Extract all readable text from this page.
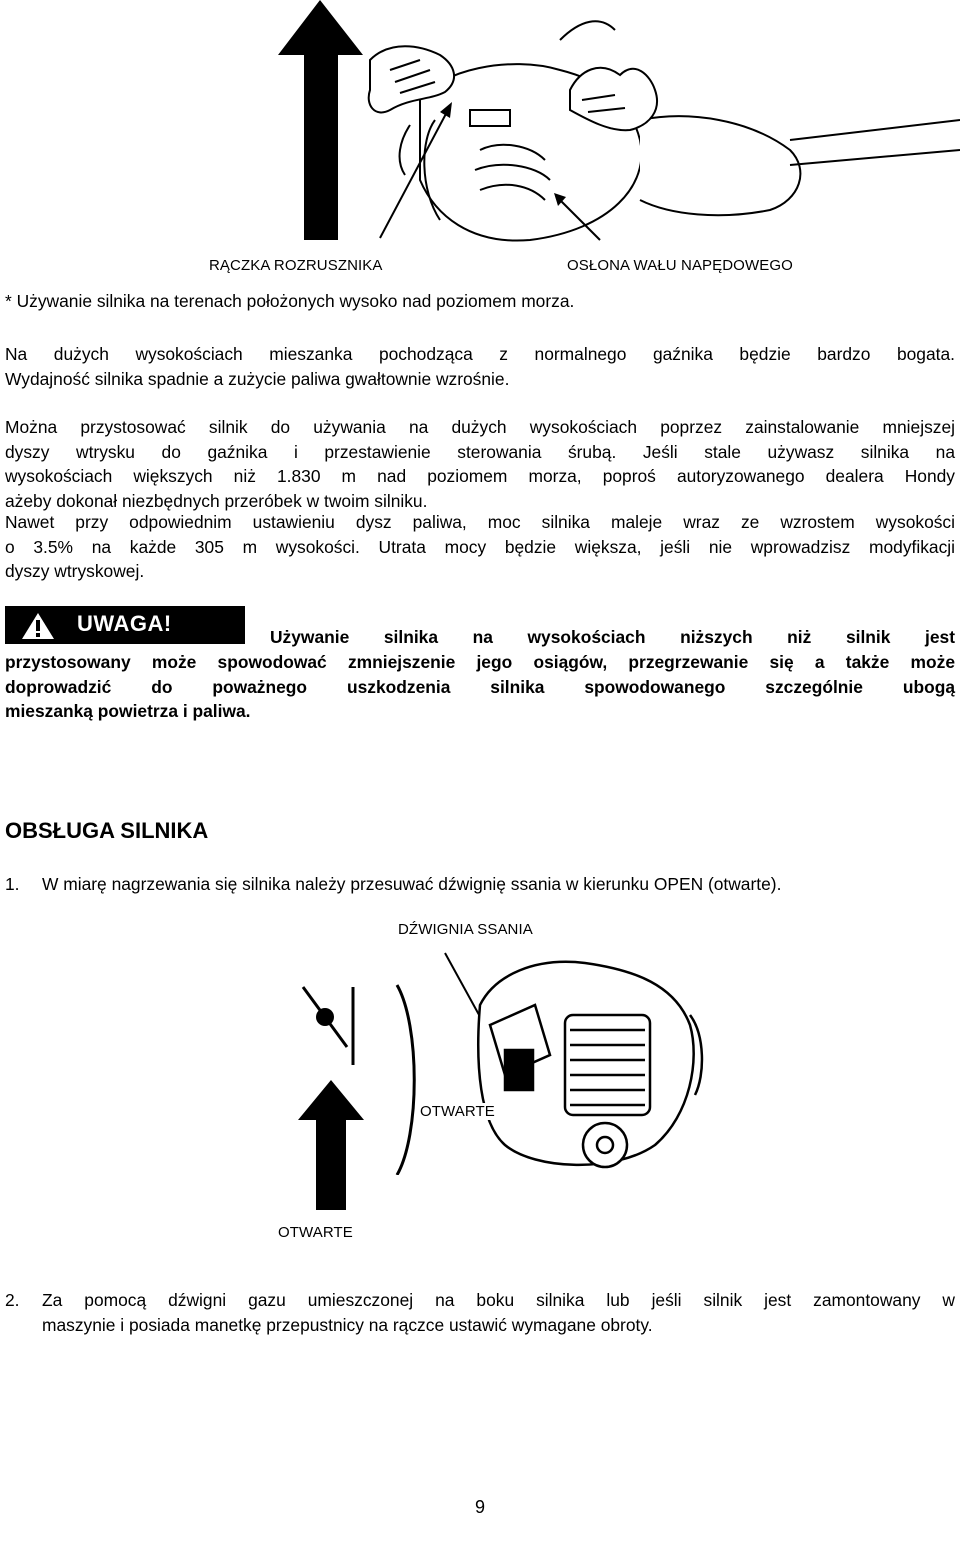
RĄCZKA ROZRUSZNIKA	OSŁONA WAŁU NAPĘDOWEGO
* Używanie silnika na terenach położonych wysoko nad poziomem morza.
Na dużych wysokościach mieszanka pochodząca z normalnego gaźnika będzie bardzo bogata.
Wydajność silnika spadnie a zużycie paliwa gwałtownie wzrośnie.
Można przystosować silnik do używania na dużych wysokościach poprzez zainstalowanie mniejszej
dyszy wtrysku do gaźnika i przestawienie sterowania śrubą. Jeśli stale używasz silnika na
wysokościach większych niż 1.830 m nad poziomem morza, poproś autoryzowanego dealera Hondy
ażeby dokonał niezbędnych przeróbek w twoim silniku.
Nawet przy odpowiednim ustawieniu dysz paliwa, moc silnika maleje wraz ze wzrostem wysokości
o 3.5% na każde 305 m wysokości. Utrata mocy będzie większa, jeśli nie wprowadzisz modyfikacji
dyszy wtryskowej.
UWAGA!
Używanie silnika na wysokościach niższych niż silnik jest
przystosowany może spowodować zmniejszenie jego osiągów, przegrzewanie się a także może
doprowadzić do poważnego uszkodzenia silnika spowodowanego szczególnie ubogą
mieszanką powietrza i paliwa.
OBSŁUGA SILNIKA
1. W miarę nagrzewania się silnika należy przesuwać dźwignię ssania w kierunku OPEN (otwarte).
DŹWIGNIA SSANIA
OTWARTE
OTWARTE
2. Za pomocą dźwigni gazu umieszczonej na boku silnika lub jeśli silnik jest zamontowany w
maszynie i posiada manetkę przepustnicy na rączce ustawić wymagane obroty.
9
